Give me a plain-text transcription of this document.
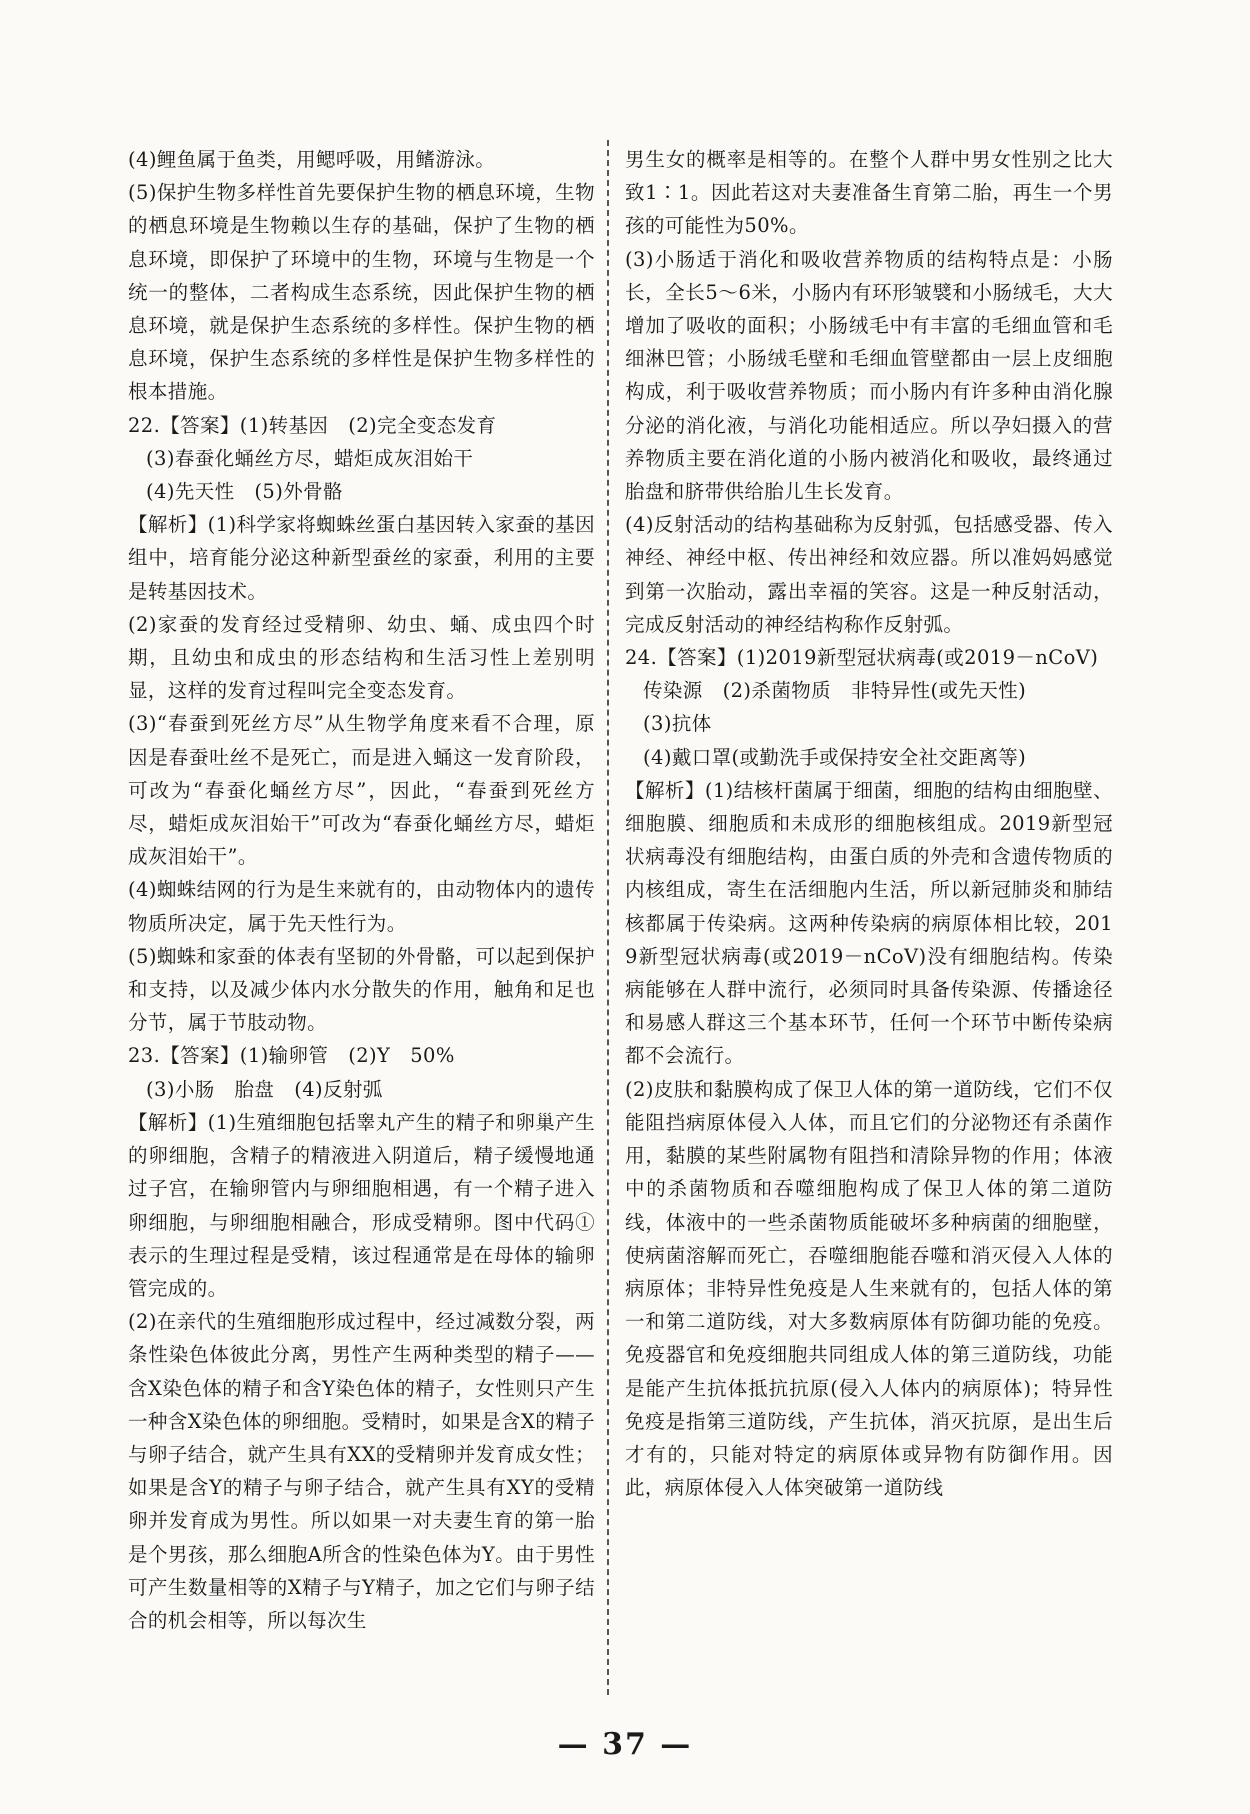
(4)鲤鱼属于鱼类，用鳃呼吸，用鳍游泳。

(5)保护生物多样性首先要保护生物的栖息环境，生物的栖息环境是生物赖以生存的基础，保护了生物的栖息环境，即保护了环境中的生物，环境与生物是一个统一的整体，二者构成生态系统，因此保护生物的栖息环境，就是保护生态系统的多样性。保护生物的栖息环境，保护生态系统的多样性是保护生物多样性的根本措施。

22.【答案】(1)转基因　(2)完全变态发育

(3)春蚕化蛹丝方尽，蜡炬成灰泪始干

(4)先天性　(5)外骨骼

【解析】(1)科学家将蜘蛛丝蛋白基因转入家蚕的基因组中，培育能分泌这种新型蚕丝的家蚕，利用的主要是转基因技术。

(2)家蚕的发育经过受精卵、幼虫、蛹、成虫四个时期，且幼虫和成虫的形态结构和生活习性上差别明显，这样的发育过程叫完全变态发育。

(3)“春蚕到死丝方尽”从生物学角度来看不合理，原因是春蚕吐丝不是死亡，而是进入蛹这一发育阶段，可改为“春蚕化蛹丝方尽”，因此，“春蚕到死丝方尽，蜡炬成灰泪始干”可改为“春蚕化蛹丝方尽，蜡炬成灰泪始干”。

(4)蜘蛛结网的行为是生来就有的，由动物体内的遗传物质所决定，属于先天性行为。

(5)蜘蛛和家蚕的体表有坚韧的外骨骼，可以起到保护和支持，以及减少体内水分散失的作用，触角和足也分节，属于节肢动物。

23.【答案】(1)输卵管　(2)Y　50%

(3)小肠　胎盘　(4)反射弧

【解析】(1)生殖细胞包括睾丸产生的精子和卵巢产生的卵细胞，含精子的精液进入阴道后，精子缓慢地通过子宫，在输卵管内与卵细胞相遇，有一个精子进入卵细胞，与卵细胞相融合，形成受精卵。图中代码①表示的生理过程是受精，该过程通常是在母体的输卵管完成的。

(2)在亲代的生殖细胞形成过程中，经过减数分裂，两条性染色体彼此分离，男性产生两种类型的精子——含X染色体的精子和含Y染色体的精子，女性则只产生一种含X染色体的卵细胞。受精时，如果是含X的精子与卵子结合，就产生具有XX的受精卵并发育成女性；如果是含Y的精子与卵子结合，就产生具有XY的受精卵并发育成为男性。所以如果一对夫妻生育的第一胎是个男孩，那么细胞A所含的性染色体为Y。由于男性可产生数量相等的X精子与Y精子，加之它们与卵子结合的机会相等，所以每次生

男生女的概率是相等的。在整个人群中男女性别之比大致1∶1。因此若这对夫妻准备生育第二胎，再生一个男孩的可能性为50%。

(3)小肠适于消化和吸收营养物质的结构特点是：小肠长，全长5～6米，小肠内有环形皱襞和小肠绒毛，大大增加了吸收的面积；小肠绒毛中有丰富的毛细血管和毛细淋巴管；小肠绒毛壁和毛细血管壁都由一层上皮细胞构成，利于吸收营养物质；而小肠内有许多种由消化腺分泌的消化液，与消化功能相适应。所以孕妇摄入的营养物质主要在消化道的小肠内被消化和吸收，最终通过胎盘和脐带供给胎儿生长发育。

(4)反射活动的结构基础称为反射弧，包括感受器、传入神经、神经中枢、传出神经和效应器。所以准妈妈感觉到第一次胎动，露出幸福的笑容。这是一种反射活动，完成反射活动的神经结构称作反射弧。

24.【答案】(1)2019新型冠状病毒(或2019－nCoV)

传染源　(2)杀菌物质　非特异性(或先天性)

(3)抗体

(4)戴口罩(或勤洗手或保持安全社交距离等)

【解析】(1)结核杆菌属于细菌，细胞的结构由细胞壁、细胞膜、细胞质和未成形的细胞核组成。2019新型冠状病毒没有细胞结构，由蛋白质的外壳和含遗传物质的内核组成，寄生在活细胞内生活，所以新冠肺炎和肺结核都属于传染病。这两种传染病的病原体相比较，2019新型冠状病毒(或2019－nCoV)没有细胞结构。传染病能够在人群中流行，必须同时具备传染源、传播途径和易感人群这三个基本环节，任何一个环节中断传染病都不会流行。

(2)皮肤和黏膜构成了保卫人体的第一道防线，它们不仅能阻挡病原体侵入人体，而且它们的分泌物还有杀菌作用，黏膜的某些附属物有阻挡和清除异物的作用；体液中的杀菌物质和吞噬细胞构成了保卫人体的第二道防线，体液中的一些杀菌物质能破坏多种病菌的细胞壁，使病菌溶解而死亡，吞噬细胞能吞噬和消灭侵入人体的病原体；非特异性免疫是人生来就有的，包括人体的第一和第二道防线，对大多数病原体有防御功能的免疫。免疫器官和免疫细胞共同组成人体的第三道防线，功能是能产生抗体抵抗抗原(侵入人体内的病原体)；特异性免疫是指第三道防线，产生抗体，消灭抗原，是出生后才有的，只能对特定的病原体或异物有防御作用。因此，病原体侵入人体突破第一道防线

— 37 —
